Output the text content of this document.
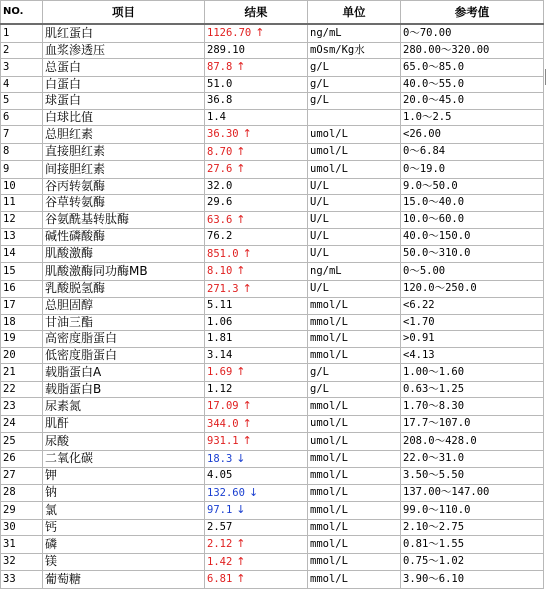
NO.	项目	结果	单位	参考值
1	肌红蛋白	1126.70 ↑	ng/mL	0～70.00
2	血浆渗透压	289.10	mOsm/Kg水	280.00～320.00
3	总蛋白	87.8 ↑	g/L	65.0～85.0
4	白蛋白	51.0	g/L	40.0～55.0
5	球蛋白	36.8	g/L	20.0～45.0
6	白球比值	1.4		1.0～2.5
7	总胆红素	36.30 ↑	umol/L	<26.00
8	直接胆红素	8.70 ↑	umol/L	0～6.84
9	间接胆红素	27.6 ↑	umol/L	0～19.0
10	谷丙转氨酶	32.0	U/L	9.0～50.0
11	谷草转氨酶	29.6	U/L	15.0～40.0
12	谷氨酰基转肽酶	63.6 ↑	U/L	10.0～60.0
13	碱性磷酸酶	76.2	U/L	40.0～150.0
14	肌酸激酶	851.0 ↑	U/L	50.0～310.0
15	肌酸激酶同功酶MB	8.10 ↑	ng/mL	0～5.00
16	乳酸脱氢酶	271.3 ↑	U/L	120.0～250.0
17	总胆固醇	5.11	mmol/L	<6.22
18	甘油三酯	1.06	mmol/L	<1.70
19	高密度脂蛋白	1.81	mmol/L	>0.91
20	低密度脂蛋白	3.14	mmol/L	<4.13
21	载脂蛋白A	1.69 ↑	g/L	1.00～1.60
22	载脂蛋白B	1.12	g/L	0.63～1.25
23	尿素氮	17.09 ↑	mmol/L	1.70～8.30
24	肌酐	344.0 ↑	umol/L	17.7～107.0
25	尿酸	931.1 ↑	umol/L	208.0～428.0
26	二氧化碳	18.3 ↓	mmol/L	22.0～31.0
27	钾	4.05	mmol/L	3.50～5.50
28	钠	132.60 ↓	mmol/L	137.00～147.00
29	氯	97.1 ↓	mmol/L	99.0～110.0
30	钙	2.57	mmol/L	2.10～2.75
31	磷	2.12 ↑	mmol/L	0.81～1.55
32	镁	1.42 ↑	mmol/L	0.75～1.02
33	葡萄糖	6.81 ↑	mmol/L	3.90～6.10
